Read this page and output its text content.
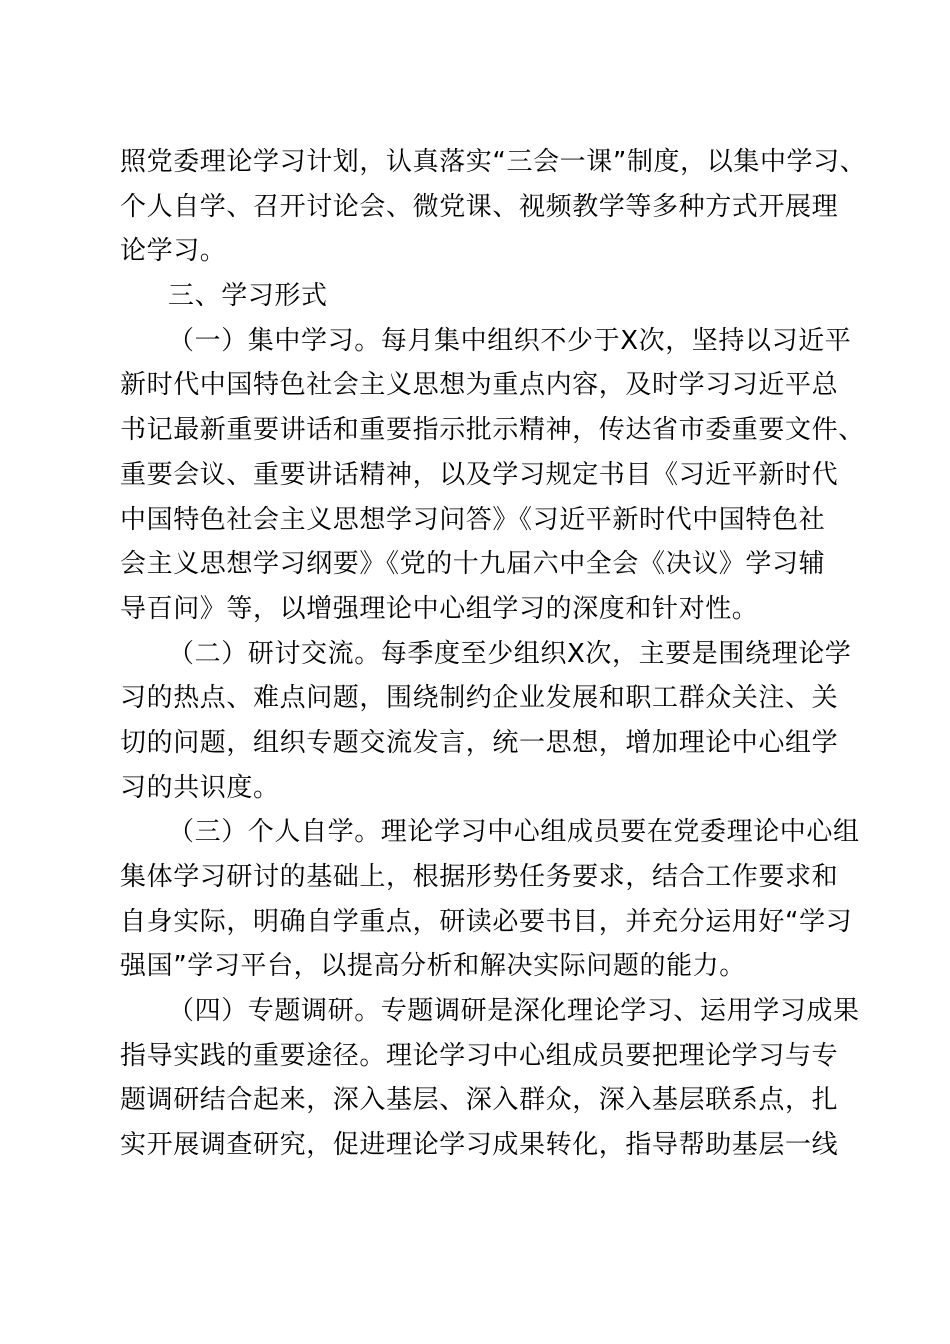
照党委理论学习计划，认真落实“三会一课”制度，以集中学习、
个人自学、召开讨论会、微党课、视频教学等多种方式开展理
论学习。
三、学习形式
（一）集中学习。每月集中组织不少于X次，坚持以习近平
新时代中国特色社会主义思想为重点内容，及时学习习近平总
书记最新重要讲话和重要指示批示精神，传达省市委重要文件、
重要会议、重要讲话精神，以及学习规定书目《习近平新时代
中国特色社会主义思想学习问答》《习近平新时代中国特色社
会主义思想学习纲要》《党的十九届六中全会《决议》学习辅
导百问》等，以增强理论中心组学习的深度和针对性。
（二）研讨交流。每季度至少组织X次，主要是围绕理论学
习的热点、难点问题，围绕制约企业发展和职工群众关注、关
切的问题，组织专题交流发言，统一思想，增加理论中心组学
习的共识度。
（三）个人自学。理论学习中心组成员要在党委理论中心组
集体学习研讨的基础上，根据形势任务要求，结合工作要求和
自身实际，明确自学重点，研读必要书目，并充分运用好“学习
强国”学习平台，以提高分析和解决实际问题的能力。
（四）专题调研。专题调研是深化理论学习、运用学习成果
指导实践的重要途径。理论学习中心组成员要把理论学习与专
题调研结合起来，深入基层、深入群众，深入基层联系点，扎
实开展调查研究，促进理论学习成果转化，指导帮助基层一线
